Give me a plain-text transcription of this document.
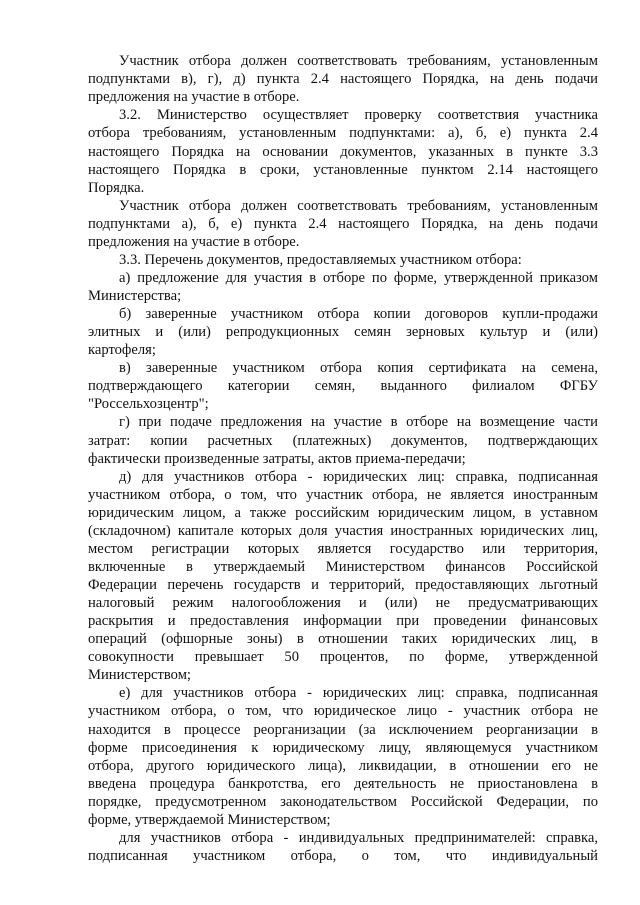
Участник отбора должен соответствовать требованиям, установленным
подпунктами в), г), д) пункта 2.4 настоящего Порядка, на день подачи
предложения на участие в отборе.
3.2. Министерство осуществляет проверку соответствия участника
отбора требованиям, установленным подпунктами: а), б, е) пункта 2.4
настоящего Порядка на основании документов, указанных в пункте 3.3
настоящего Порядка в сроки, установленные пунктом 2.14 настоящего
Порядка.
Участник отбора должен соответствовать требованиям, установленным
подпунктами а), б, е) пункта 2.4 настоящего Порядка, на день подачи
предложения на участие в отборе.
3.3. Перечень документов, предоставляемых участником отбора:
а) предложение для участия в отборе по форме, утвержденной приказом
Министерства;
б) заверенные участником отбора копии договоров купли-продажи
элитных и (или) репродукционных семян зерновых культур и (или)
картофеля;
в) заверенные участником отбора копия сертификата на семена,
подтверждающего категории семян, выданного филиалом ФГБУ
"Россельхозцентр";
г) при подаче предложения на участие в отборе на возмещение части
затрат: копии расчетных (платежных) документов, подтверждающих
фактически произведенные затраты, актов приема-передачи;
д) для участников отбора - юридических лиц: справка, подписанная
участником отбора, о том, что участник отбора, не является иностранным
юридическим лицом, а также российским юридическим лицом, в уставном
(складочном) капитале которых доля участия иностранных юридических лиц,
местом регистрации которых является государство или территория,
включенные в утверждаемый Министерством финансов Российской
Федерации перечень государств и территорий, предоставляющих льготный
налоговый режим налогообложения и (или) не предусматривающих
раскрытия и предоставления информации при проведении финансовых
операций (офшорные зоны) в отношении таких юридических лиц, в
совокупности превышает 50 процентов, по форме, утвержденной
Министерством;
е) для участников отбора - юридических лиц: справка, подписанная
участником отбора, о том, что юридическое лицо - участник отбора не
находится в процессе реорганизации (за исключением реорганизации в
форме присоединения к юридическому лицу, являющемуся участником
отбора, другого юридического лица), ликвидации, в отношении его не
введена процедура банкротства, его деятельность не приостановлена в
порядке, предусмотренном законодательством Российской Федерации, по
форме, утверждаемой Министерством;
для участников отбора - индивидуальных предпринимателей: справка,
подписанная участником отбора, о том, что индивидуальный
